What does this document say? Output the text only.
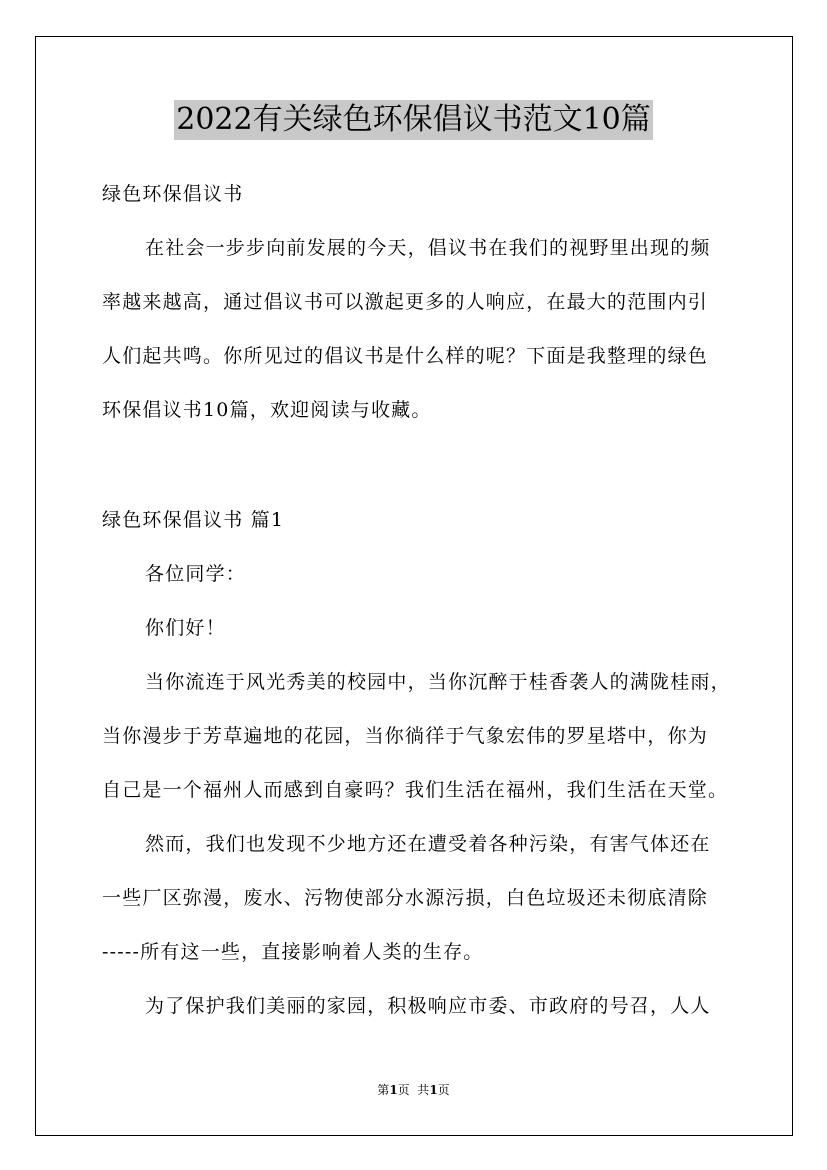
2022有关绿色环保倡议书范文10篇
绿色环保倡议书
在社会一步步向前发展的今天，倡议书在我们的视野里出现的频
率越来越高，通过倡议书可以激起更多的人响应，在最大的范围内引
人们起共鸣。你所见过的倡议书是什么样的呢？下面是我整理的绿色
环保倡议书10篇，欢迎阅读与收藏。
绿色环保倡议书 篇1
各位同学：
你们好！
当你流连于风光秀美的校园中，当你沉醉于桂香袭人的满陇桂雨，
当你漫步于芳草遍地的花园，当你徜徉于气象宏伟的罗星塔中，你为
自己是一个福州人而感到自豪吗？我们生活在福州，我们生活在天堂。
然而，我们也发现不少地方还在遭受着各种污染，有害气体还在
一些厂区弥漫，废水、污物使部分水源污损，白色垃圾还未彻底清除
-----所有这一些，直接影响着人类的生存。
为了保护我们美丽的家园，积极响应市委、市政府的号召，人人
第1页  共1页
